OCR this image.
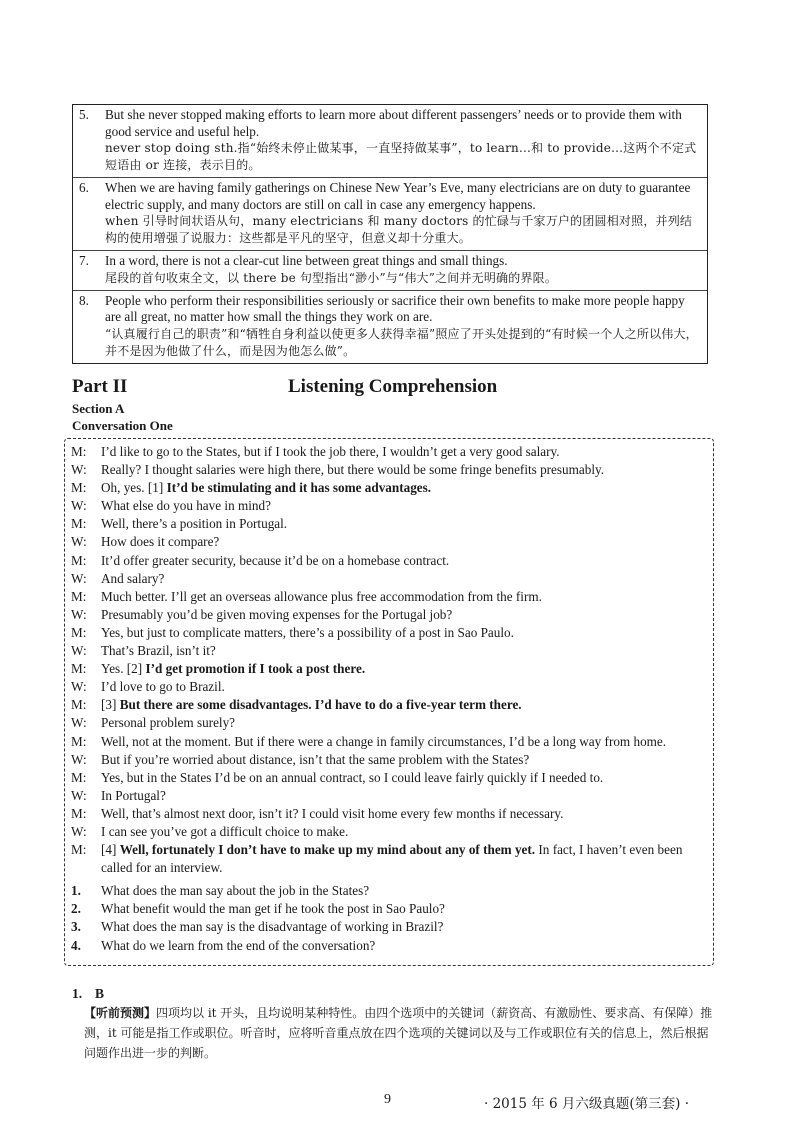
5.	But she never stopped making efforts to learn more about different passengers’ needs or to provide them with good service and useful help.

never stop doing sth.指“始终未停止做某事，一直坚持做某事”，to learn...和 to provide...这两个不定式短语由 or 连接，表示目的。

6.	When we are having family gatherings on Chinese New Year’s Eve, many electricians are on duty to guarantee electric supply, and many doctors are still on call in case any emergency happens.

when 引导时间状语从句，many electricians 和 many doctors 的忙碌与千家万户的团圆相对照，并列结构的使用增强了说服力：这些都是平凡的坚守，但意义却十分重大。

7.	In a word, there is not a clear-cut line between great things and small things.

尾段的首句收束全文，以 there be 句型指出“渺小”与“伟大”之间并无明确的界限。

8.	People who perform their responsibilities seriously or sacrifice their own benefits to make more people happy are all great, no matter how small the things they work on are.

“认真履行自己的职责”和“牺牲自身利益以使更多人获得幸福”照应了开头处提到的“有时候一个人之所以伟大，并不是因为他做了什么，而是因为他怎么做”。

Part II	Listening Comprehension
Section A
Conversation One
M:	I’d like to go to the States, but if I took the job there, I wouldn’t get a very good salary.
W:	Really? I thought salaries were high there, but there would be some fringe benefits presumably.
M:	Oh, yes. [1] It’d be stimulating and it has some advantages.
W:	What else do you have in mind?
M:	Well, there’s a position in Portugal.
W:	How does it compare?
M:	It’d offer greater security, because it’d be on a homebase contract.
W:	And salary?
M:	Much better. I’ll get an overseas allowance plus free accommodation from the firm.
W:	Presumably you’d be given moving expenses for the Portugal job?
M:	Yes, but just to complicate matters, there’s a possibility of a post in Sao Paulo.
W:	That’s Brazil, isn’t it?
M:	Yes. [2] I’d get promotion if I took a post there.
W:	I’d love to go to Brazil.
M:	[3] But there are some disadvantages. I’d have to do a five-year term there.
W:	Personal problem surely?
M:	Well, not at the moment. But if there were a change in family circumstances, I’d be a long way from home.
W:	But if you’re worried about distance, isn’t that the same problem with the States?
M:	Yes, but in the States I’d be on an annual contract, so I could leave fairly quickly if I needed to.
W:	In Portugal?
M:	Well, that’s almost next door, isn’t it? I could visit home every few months if necessary.
W:	I can see you’ve got a difficult choice to make.
M:	[4] Well, fortunately I don’t have to make up my mind about any of them yet. In fact, I haven’t even been
called for an interview.
1.	What does the man say about the job in the States?
2.	What benefit would the man get if he took the post in Sao Paulo?
3.	What does the man say is the disadvantage of working in Brazil?
4.	What do we learn from the end of the conversation?
1. B
【听前预测】四项均以 it 开头，且均说明某种特性。由四个选项中的关键词（薪资高、有激励性、要求高、有保障）推测，it 可能是指工作或职位。听音时，应将听音重点放在四个选项的关键词以及与工作或职位有关的信息上，然后根据问题作出进一步的判断。
9	· 2015 年 6 月六级真题(第三套) ·
